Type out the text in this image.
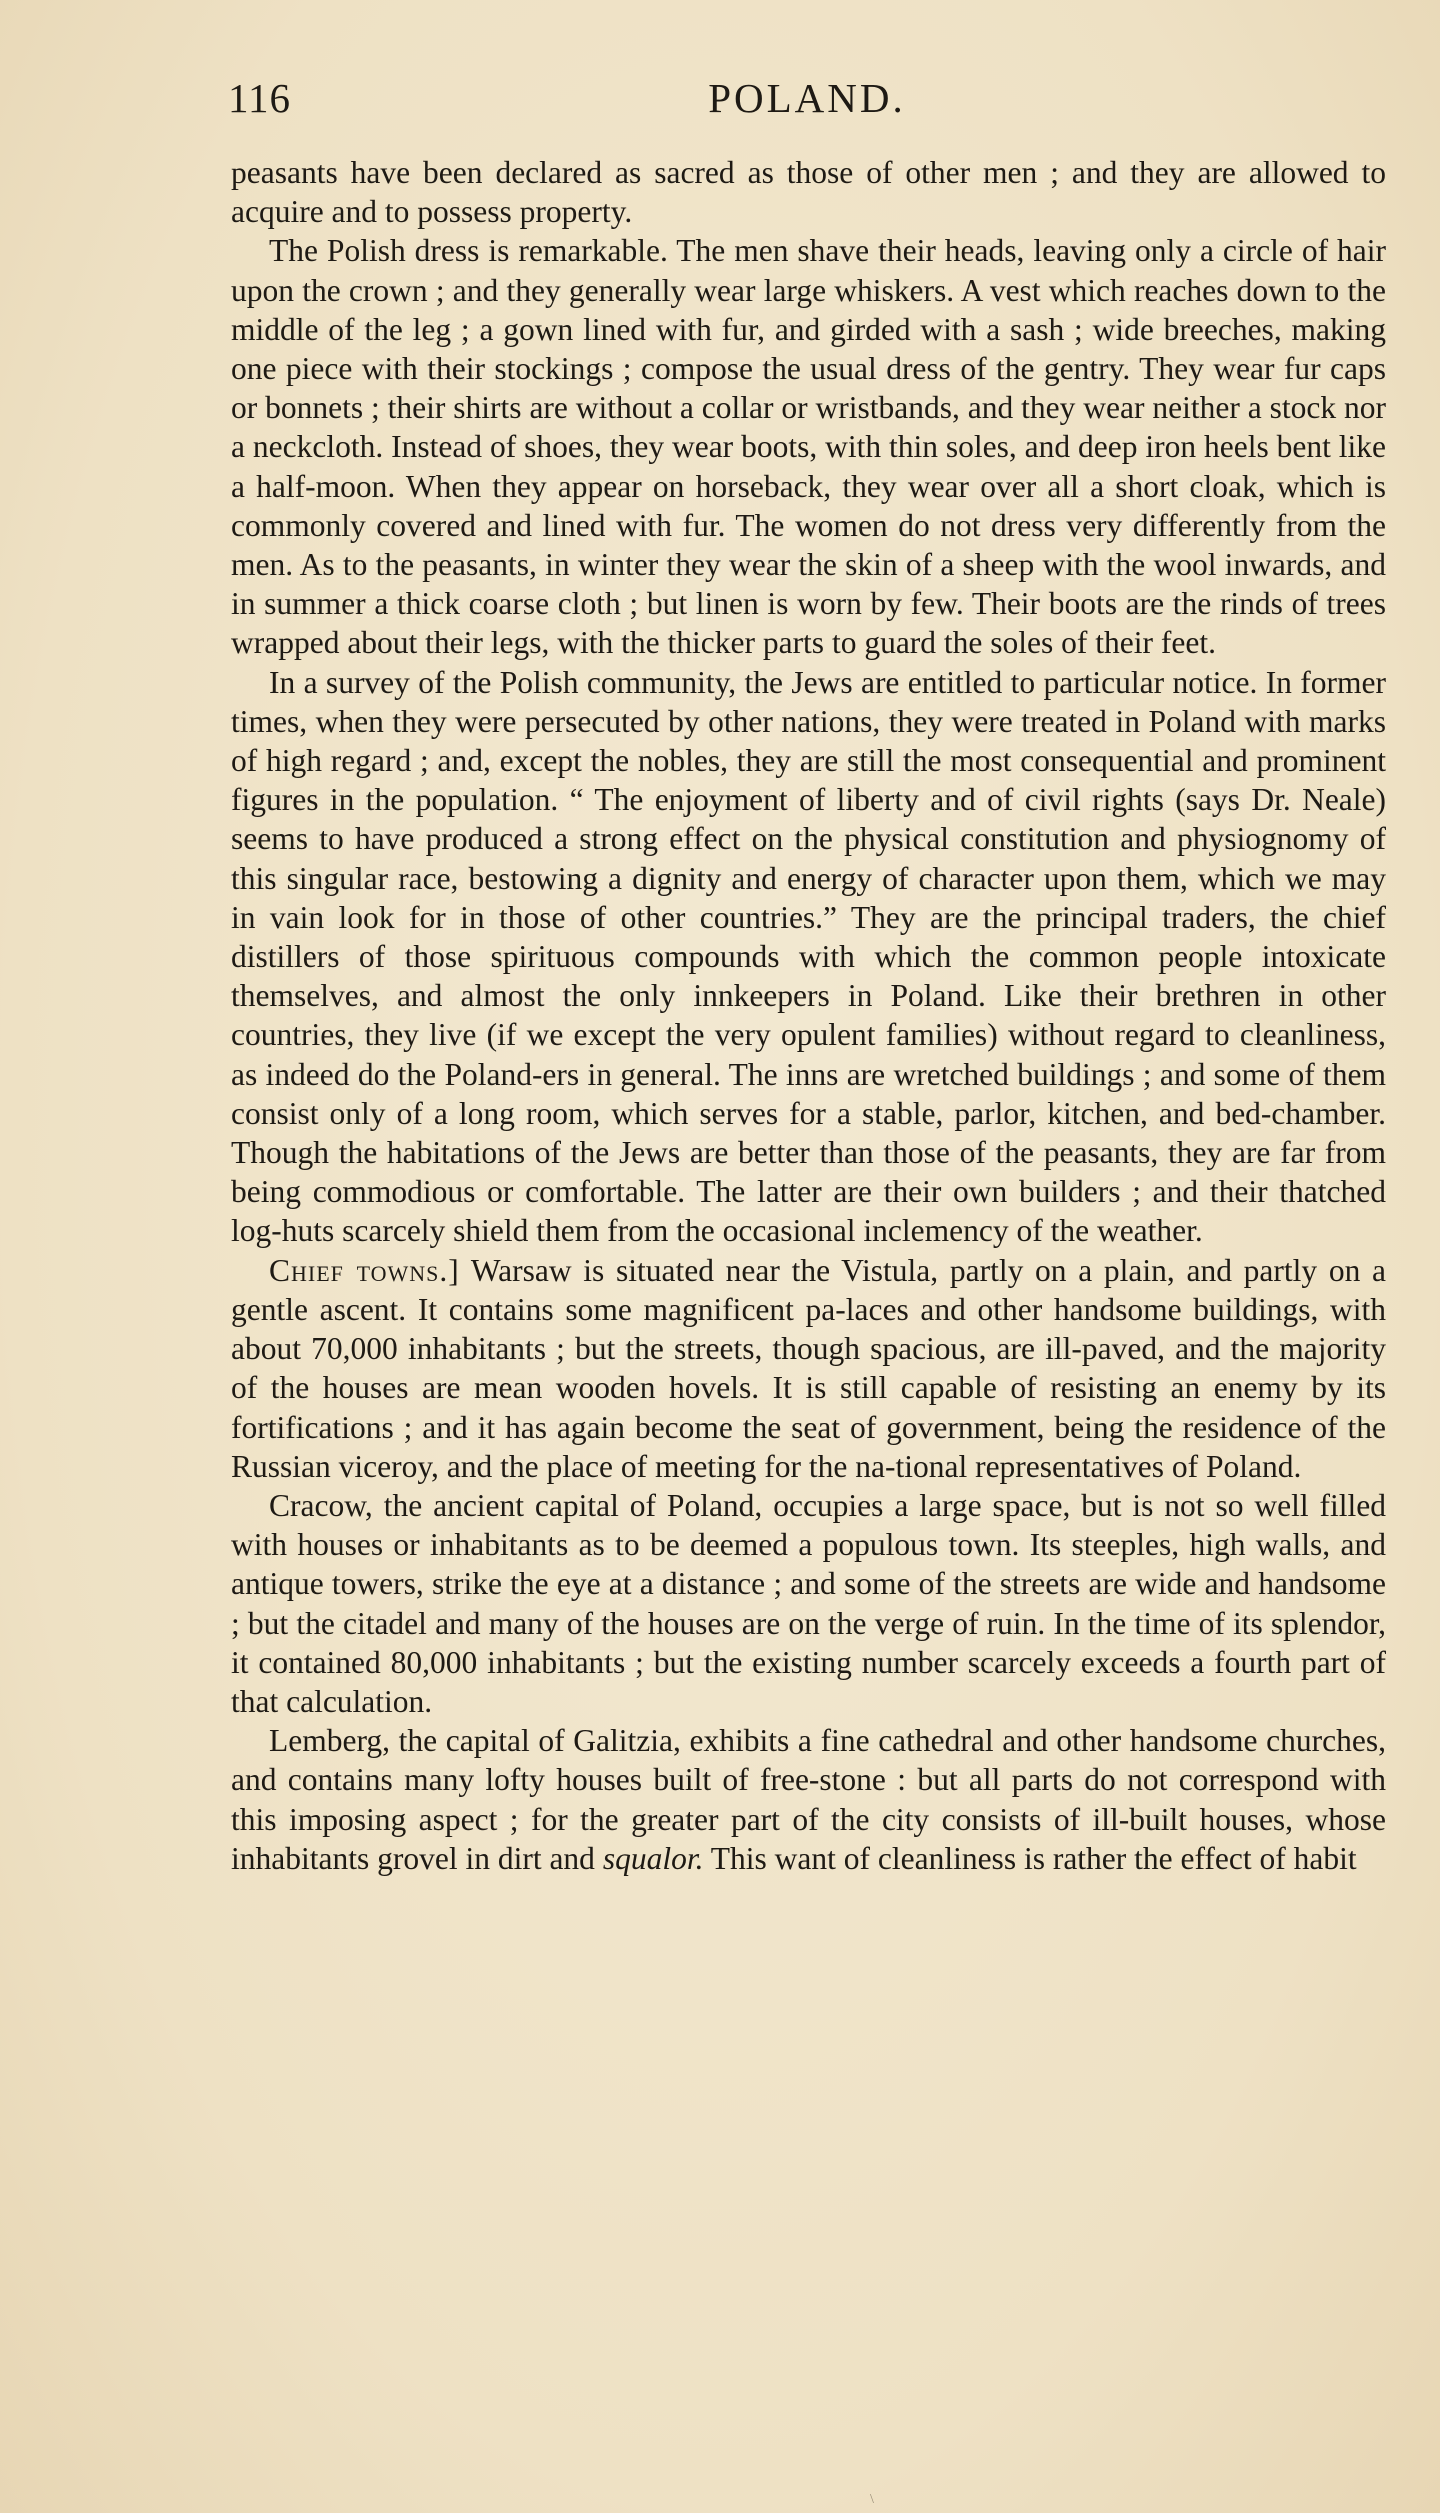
116	POLAND.

peasants have been declared as sacred as those of other men ; and they are allowed to acquire and to possess property.

The Polish dress is remarkable. The men shave their heads, leaving only a circle of hair upon the crown ; and they generally wear large whiskers. A vest which reaches down to the middle of the leg ; a gown lined with fur, and girded with a sash ; wide breeches, making one piece with their stockings ; compose the usual dress of the gentry. They wear fur caps or bonnets ; their shirts are without a collar or wristbands, and they wear neither a stock nor a neckcloth. Instead of shoes, they wear boots, with thin soles, and deep iron heels bent like a half-moon. When they appear on horseback, they wear over all a short cloak, which is commonly covered and lined with fur. The women do not dress very differently from the men. As to the peasants, in winter they wear the skin of a sheep with the wool inwards, and in summer a thick coarse cloth ; but linen is worn by few. Their boots are the rinds of trees wrapped about their legs, with the thicker parts to guard the soles of their feet.

In a survey of the Polish community, the Jews are entitled to particular notice. In former times, when they were persecuted by other nations, they were treated in Poland with marks of high regard ; and, except the nobles, they are still the most consequential and prominent figures in the population. “ The enjoyment of liberty and of civil rights (says Dr. Neale) seems to have produced a strong effect on the physical constitution and physiognomy of this singular race, bestowing a dignity and energy of character upon them, which we may in vain look for in those of other countries.” They are the principal traders, the chief distillers of those spirituous compounds with which the common people intoxicate themselves, and almost the only innkeepers in Poland. Like their brethren in other countries, they live (if we except the very opulent families) without regard to cleanliness, as indeed do the Poland-ers in general. The inns are wretched buildings ; and some of them consist only of a long room, which serves for a stable, parlor, kitchen, and bed-chamber. Though the habitations of the Jews are better than those of the peasants, they are far from being commodious or comfortable. The latter are their own builders ; and their thatched log-huts scarcely shield them from the occasional inclemency of the weather.

Chief towns.] Warsaw is situated near the Vistula, partly on a plain, and partly on a gentle ascent. It contains some magnificent pa-laces and other handsome buildings, with about 70,000 inhabitants ; but the streets, though spacious, are ill-paved, and the majority of the houses are mean wooden hovels. It is still capable of resisting an enemy by its fortifications ; and it has again become the seat of government, being the residence of the Russian viceroy, and the place of meeting for the na-tional representatives of Poland.

Cracow, the ancient capital of Poland, occupies a large space, but is not so well filled with houses or inhabitants as to be deemed a populous town. Its steeples, high walls, and antique towers, strike the eye at a distance ; and some of the streets are wide and handsome ; but the citadel and many of the houses are on the verge of ruin. In the time of its splendor, it contained 80,000 inhabitants ; but the existing number scarcely exceeds a fourth part of that calculation.

Lemberg, the capital of Galitzia, exhibits a fine cathedral and other handsome churches, and contains many lofty houses built of free-stone : but all parts do not correspond with this imposing aspect ; for the greater part of the city consists of ill-built houses, whose inhabitants grovel in dirt and squalor. This want of cleanliness is rather the effect of habit

\
